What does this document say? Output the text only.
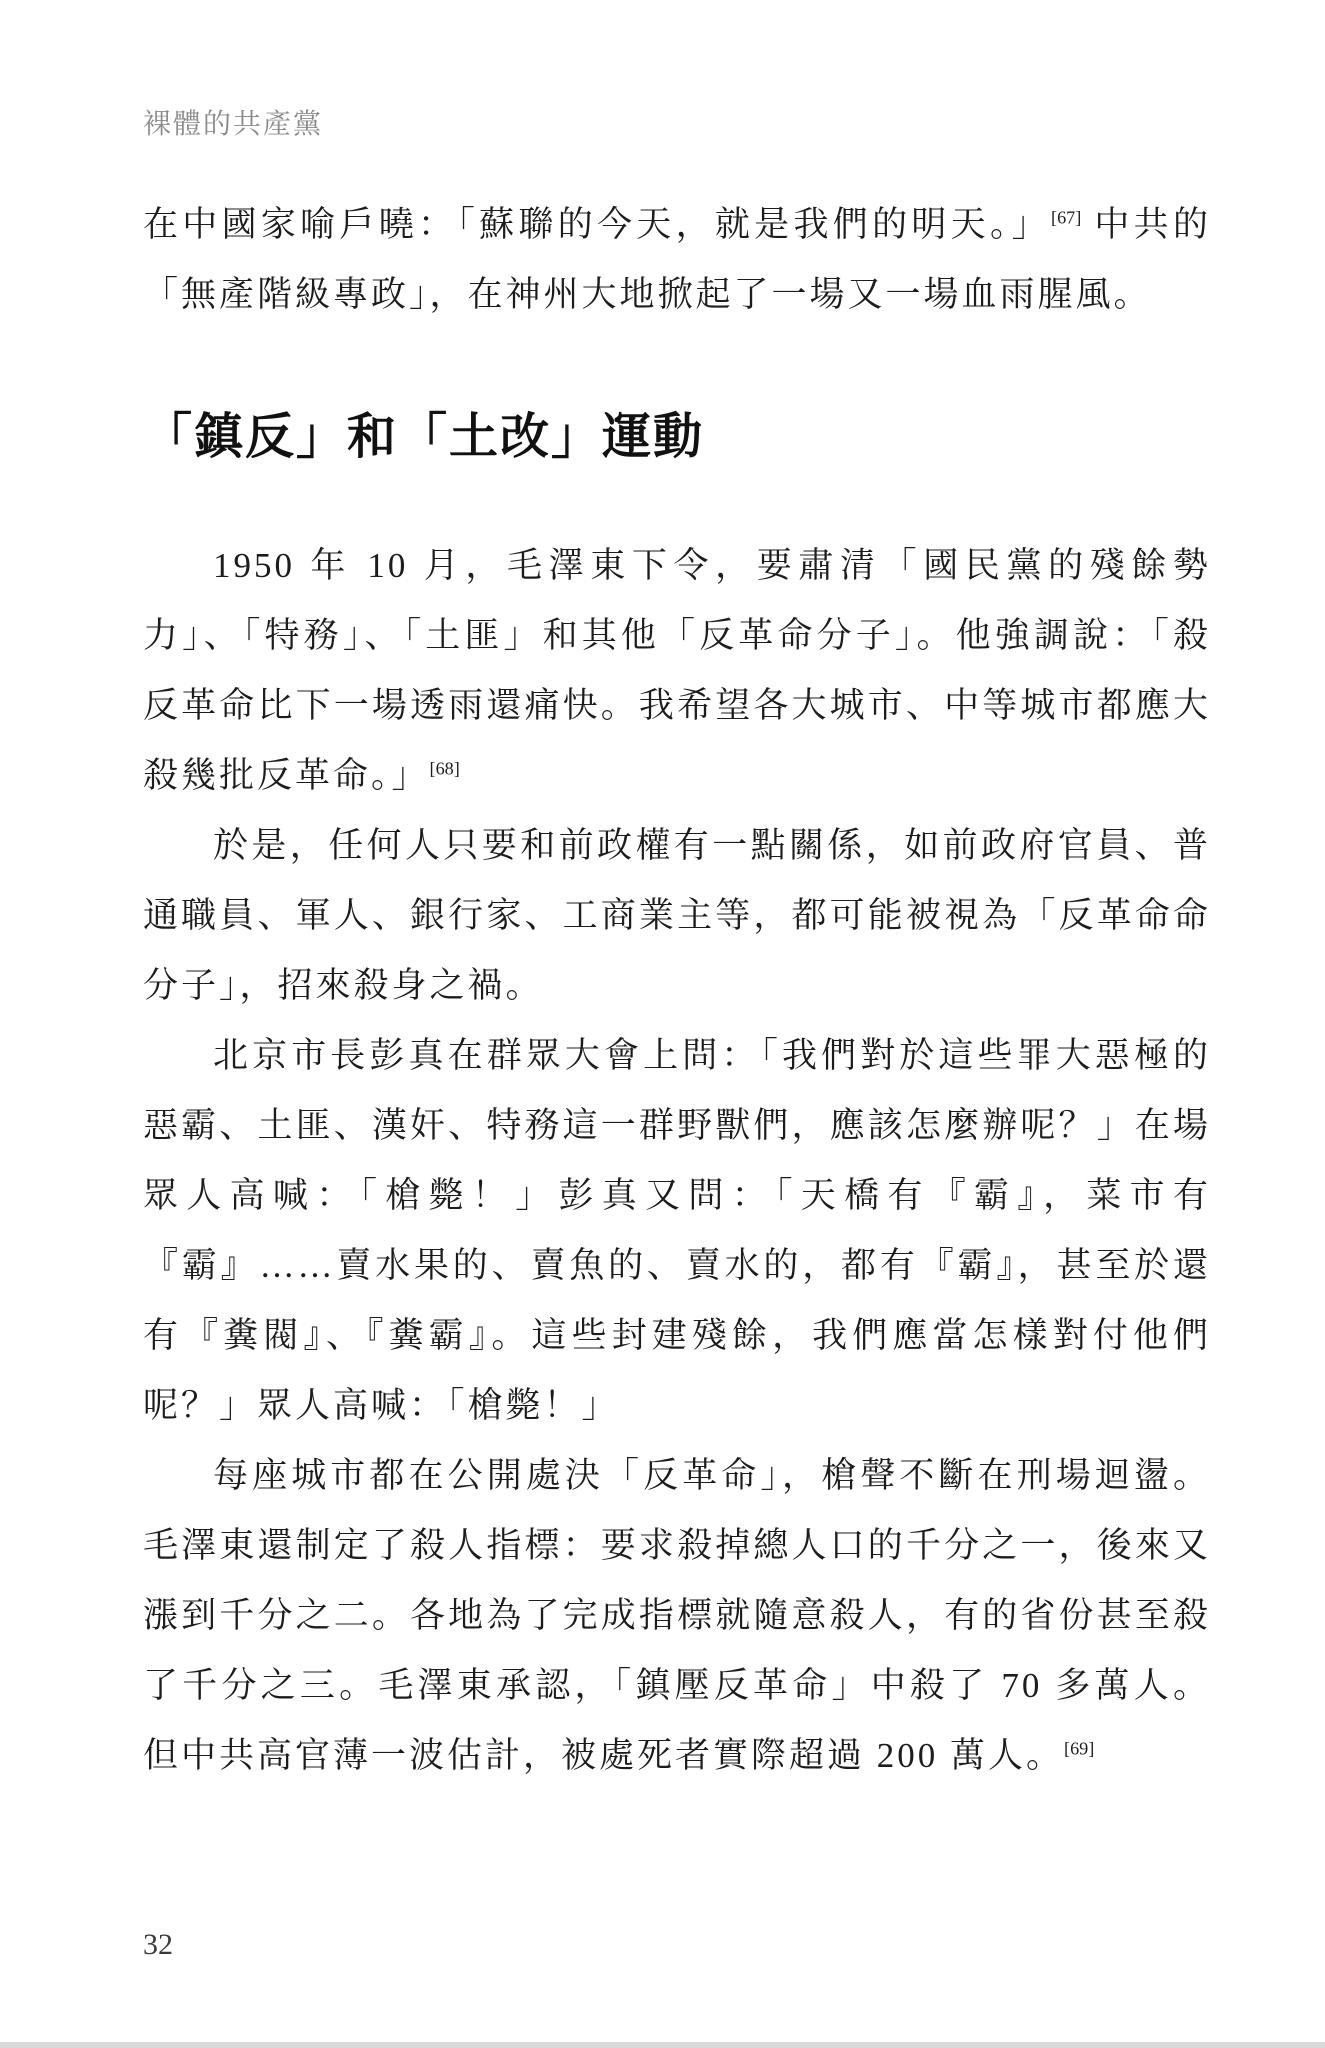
裸體的共產黨

在中國家喻戶曉：「蘇聯的今天，就是我們的明天。」[67] 中共的「無產階級專政」，在神州大地掀起了一場又一場血雨腥風。

「鎮反」和「土改」運動

1950 年 10 月，毛澤東下令，要肅清「國民黨的殘餘勢力」、「特務」、「土匪」和其他「反革命分子」。他強調說：「殺反革命比下一場透雨還痛快。我希望各大城市、中等城市都應大殺幾批反革命。」[68]

於是，任何人只要和前政權有一點關係，如前政府官員、普通職員、軍人、銀行家、工商業主等，都可能被視為「反革命命分子」，招來殺身之禍。

北京市長彭真在群眾大會上問：「我們對於這些罪大惡極的惡霸、土匪、漢奸、特務這一群野獸們，應該怎麼辦呢？」在場眾人高喊：「槍斃！」彭真又問：「天橋有『霸』，菜市有『霸』……賣水果的、賣魚的、賣水的，都有『霸』，甚至於還有『糞閥』、『糞霸』。這些封建殘餘，我們應當怎樣對付他們呢？」眾人高喊：「槍斃！」

每座城市都在公開處決「反革命」，槍聲不斷在刑場迴盪。毛澤東還制定了殺人指標：要求殺掉總人口的千分之一，後來又漲到千分之二。各地為了完成指標就隨意殺人，有的省份甚至殺了千分之三。毛澤東承認，「鎮壓反革命」中殺了 70 多萬人。但中共高官薄一波估計，被處死者實際超過 200 萬人。[69]

32
